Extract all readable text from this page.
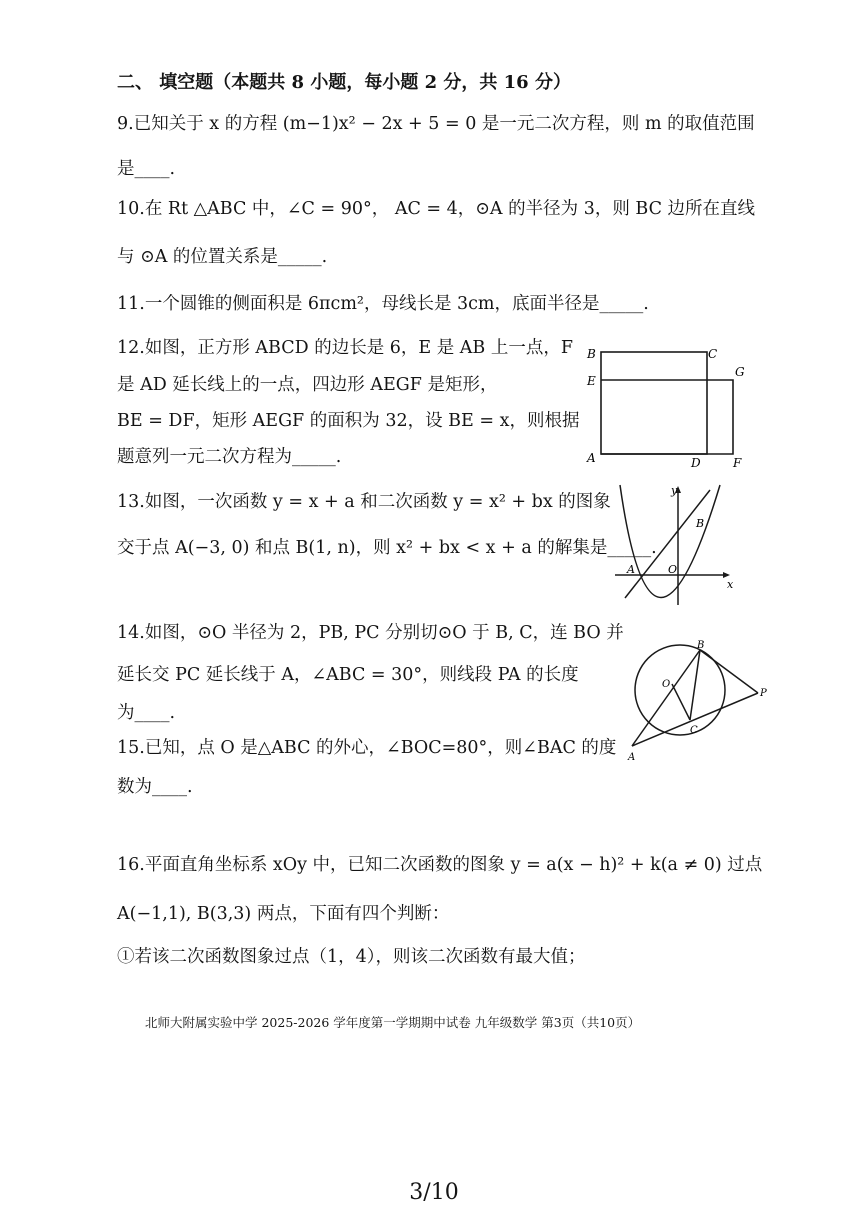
二、 填空题（本题共 8 小题，每小题 2 分，共 16 分）
9.已知关于 x 的方程 (m−1)x² − 2x + 5 = 0 是一元二次方程，则 m 的取值范围
是____.
10.在 Rt △ABC 中，∠C = 90°， AC = 4，⊙A 的半径为 3，则 BC 边所在直线
与 ⊙A 的位置关系是_____.
11.一个圆锥的侧面积是 6πcm²，母线长是 3cm，底面半径是_____.
12.如图，正方形 ABCD 的边长是 6，E 是 AB 上一点，F
是 AD 延长线上的一点，四边形 AEGF 是矩形，
BE = DF，矩形 AEGF 的面积为 32，设 BE = x，则根据
题意列一元二次方程为_____.
13.如图，一次函数 y = x + a 和二次函数 y = x² + bx 的图象
交于点 A(−3, 0) 和点 B(1, n)，则 x² + bx < x + a 的解集是_____.
14.如图，⊙O 半径为 2，PB, PC 分别切⊙O 于 B, C，连 BO 并
延长交 PC 延长线于 A，∠ABC = 30°，则线段 PA 的长度
为____.
15.已知，点 O 是△ABC 的外心，∠BOC=80°，则∠BAC 的度
数为____.
16.平面直角坐标系 xOy 中，已知二次函数的图象 y = a(x − h)² + k(a ≠ 0) 过点
A(−1,1), B(3,3) 两点，下面有四个判断：
①若该二次函数图象过点（1，4），则该二次函数有最大值；
北师大附属实验中学 2025-2026 学年度第一学期期中试卷 九年级数学 第3页（共10页）
3/10
B	C
E
G
A	D	F
y
x
A	O
B
B
O
C
P
A
